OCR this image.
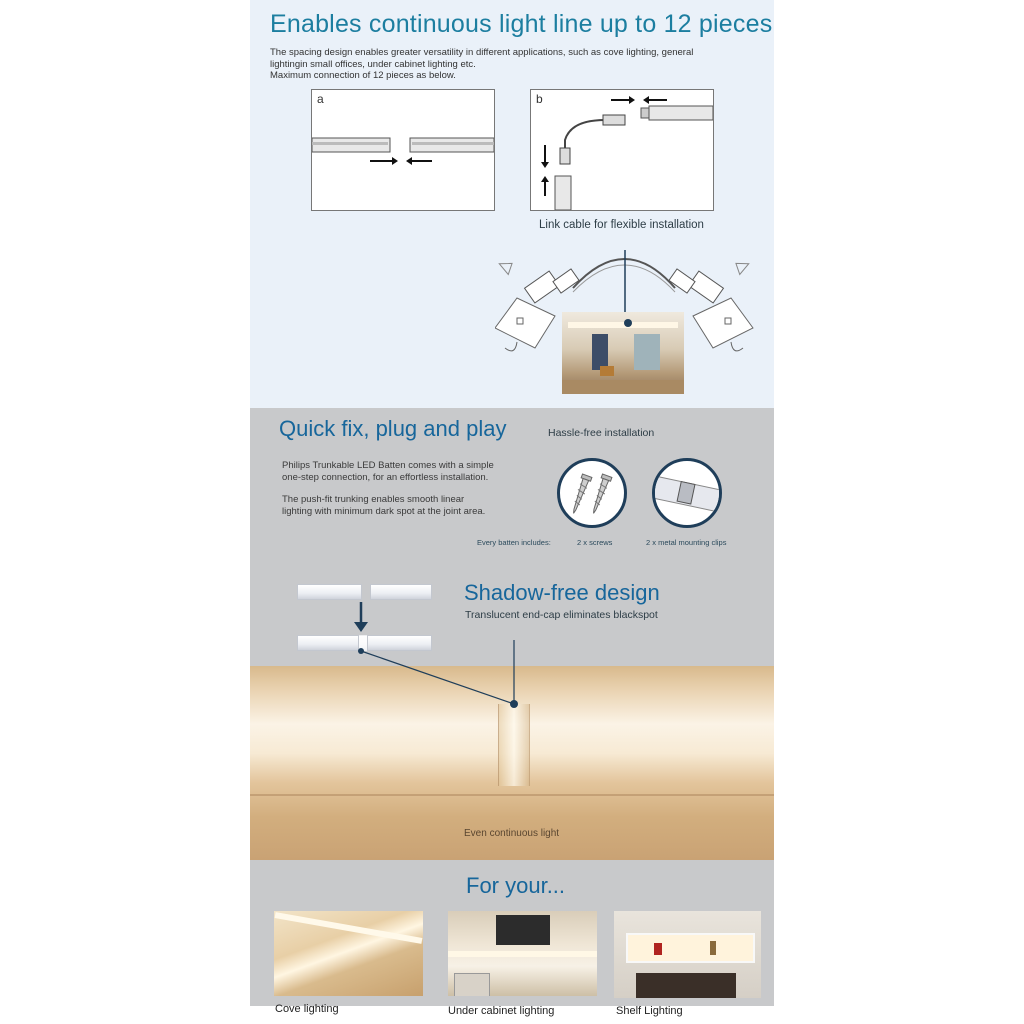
Enables continuous light line up to 12 pieces
The spacing design enables greater versatility in different applications, such as cove lighting, general
lightingin small offices, under cabinet lighting etc.
Maximum connection of 12 pieces as below.
a	b
Link cable for flexible installation
Quick fix, plug and play	Hassle-free installation
Philips Trunkable LED Batten comes with a simple
one-step connection, for an effortless installation.
The push-fit trunking enables smooth linear
lighting with minimum dark spot at the joint area.
Every batten includes:	2 x screws	2 x metal mounting clips
Shadow-free design
Translucent end-cap eliminates blackspot
Even continuous light
For your...
Cove lighting	Under cabinet lighting	Shelf Lighting
